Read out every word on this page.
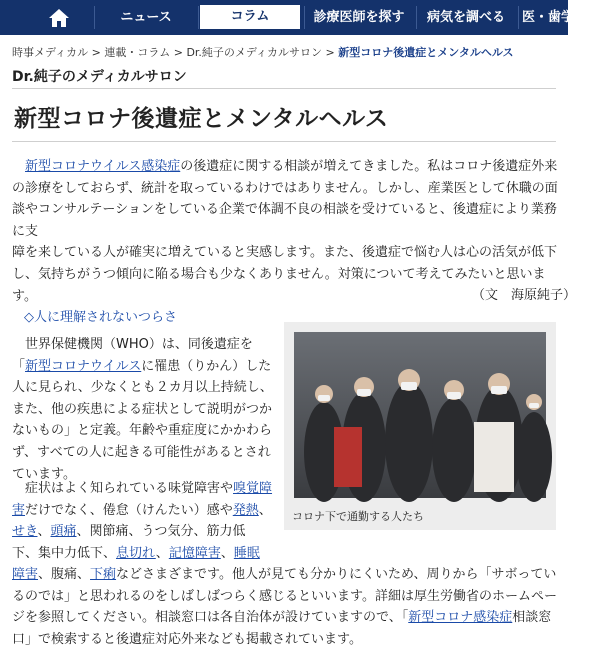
ニュース	コラム	診療医師を探す	病気を調べる	医・歯学
時事メディカル > 連載・コラム > Dr.純子のメディカルサロン > 新型コロナ後遺症とメンタルヘルス
Dr.純子のメディカルサロン
新型コロナ後遺症とメンタルヘルス
　新型コロナウイルス感染症の後遺症に関する相談が増えてきました。私はコロナ後遺症外来
の診療をしておらず、統計を取っているわけではありません。しかし、産業医として休職の面
談やコンサルテーションをしている企業で体調不良の相談を受けていると、後遺症により業務に支
障を来している人が確実に増えていると実感します。また、後遺症で悩む人は心の活気が低下
し、気持ちがうつ傾向に陥る場合も少なくありません。対策について考えてみたいと思いま
す。	（文　海原純子）
◇人に理解されないつらさ
　世界保健機関（WHO）は、同後遺症を
「新型コロナウイルスに罹患（りかん）した
人に見られ、少なくとも２カ月以上持続し、
また、他の疾患による症状として説明がつか
ないもの」と定義。年齢や重症度にかかわら
ず、すべての人に起きる可能性があるとされ
ています。
コロナ下で通勤する人たち
　症状はよく知られている味覚障害や嗅覚障
害だけでなく、倦怠（けんたい）感や発熱、
せき、頭痛、関節痛、うつ気分、筋力低
下、集中力低下、息切れ、記憶障害、睡眠
障害、腹痛、下痢などさまざまです。他人が見ても分かりにくいため、周りから「サボってい
るのでは」と思われるのをしばしばつらく感じるといいます。詳細は厚生労働省のホームペー
ジを参照してください。相談窓口は各自治体が設けていますので、「新型コロナ感染症相談窓
口」で検索すると後遺症対応外来なども掲載されています。
